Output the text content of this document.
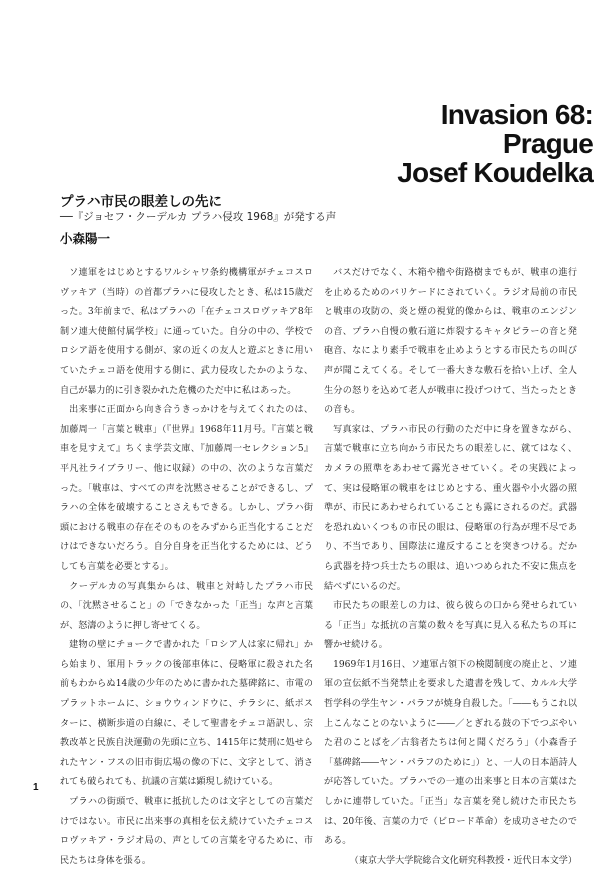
Invasion 68:
Prague
Josef Koudelka
プラハ市民の眼差しの先に
──『ジョセフ・クーデルカ プラハ侵攻 1968』が発する声
小森陽一

ソ連軍をはじめとするワルシャワ条約機構軍がチェコスロヴァキア（当時）の首都プラハに侵攻したとき、私は15歳だった。3年前まで、私はプラハの「在チェコスロヴァキア8年制ソ連大使館付属学校」に通っていた。自分の中の、学校でロシア語を使用する側が、家の近くの友人と遊ぶときに用いていたチェコ語を使用する側に、武力侵攻したかのような、自己が暴力的に引き裂かれた危機のただ中に私はあった。

出来事に正面から向き合うきっかけを与えてくれたのは、加藤周一「言葉と戦車」（『世界』1968年11月号。『言葉と戦車を見すえて』ちくま学芸文庫、『加藤周一セレクション5』平凡社ライブラリー、他に収録）の中の、次のような言葉だった。「戦車は、すべての声を沈黙させることができるし、プラハの全体を破壊することさえもできる。しかし、プラハ街頭における戦車の存在そのものをみずから正当化することだけはできないだろう。自分自身を正当化するためには、どうしても言葉を必要とする」。

クーデルカの写真集からは、戦車と対峙したプラハ市民の、「沈黙させること」の「できなかった「正当」な声と言葉が、怒濤のように押し寄せてくる。

建物の壁にチョークで書かれた「ロシア人は家に帰れ」から始まり、軍用トラックの後部車体に、侵略軍に殺された名前もわからぬ14歳の少年のために書かれた墓碑銘に、市電のプラットホームに、ショウウィンドウに、チラシに、紙ポスターに、横断歩道の白線に、そして聖書をチェコ語訳し、宗教改革と民族自決運動の先頭に立ち、1415年に焚刑に処せられたヤン・フスの旧市街広場の像の下に、文字として、消されても破られても、抗議の言葉は顕現し続けている。

プラハの街頭で、戦車に抵抗したのは文字としての言葉だけではない。市民に出来事の真相を伝え続けていたチェコスロヴァキア・ラジオ局の、声としての言葉を守るために、市民たちは身体を張る。

バスだけでなく、木箱や櫓や街路樹までもが、戦車の進行を止めるためのバリケードにされていく。ラジオ局前の市民と戦車の攻防の、炎と煙の視覚的像からは、戦車のエンジンの音、プラハ自慢の敷石道に炸裂するキャタピラーの音と発砲音、なにより素手で戦車を止めようとする市民たちの叫び声が聞こえてくる。そして一番大きな敷石を拾い上げ、全人生分の怒りを込めて老人が戦車に投げつけて、当たったときの音も。

写真家は、プラハ市民の行動のただ中に身を置きながら、言葉で戦車に立ち向かう市民たちの眼差しに、就てはなく、カメラの照準をあわせて露光させていく。その実践によって、実は侵略軍の戦車をはじめとする、重火器や小火器の照準が、市民にあわせられていることも露にされるのだ。武器を恐れぬいくつもの市民の眼は、侵略軍の行為が理不尽であり、不当であり、国際法に違反することを突きつける。だから武器を持つ兵士たちの眼は、追いつめられた不安に焦点を結べずにいるのだ。

市民たちの眼差しの力は、彼ら彼らの口から発せられている「正当」な抵抗の言葉の数々を写真に見入る私たちの耳に響かせ続ける。

1969年1月16日、ソ連軍占領下の検閲制度の廃止と、ソ連軍の宣伝紙不当発禁止を要求した遺書を残して、カルル大学哲学科の学生ヤン・パラフが焼身自殺した。「――もうこれ以上こんなことのないように――／とぎれる鼓の下でつぶやいた君のことばを／古翁者たちは何と聞くだろう」（小森香子「墓碑銘――ヤン・パラフのために」）と、一人の日本語詩人が応答していた。プラハでの一連の出来事と日本の言葉はたしかに連帯していた。「正当」な言葉を発し続けた市民たちは、20年後、言葉の力で（ビロード革命）を成功させたのである。

（東京大学大学院総合文化研究科教授・近代日本文学）

1
